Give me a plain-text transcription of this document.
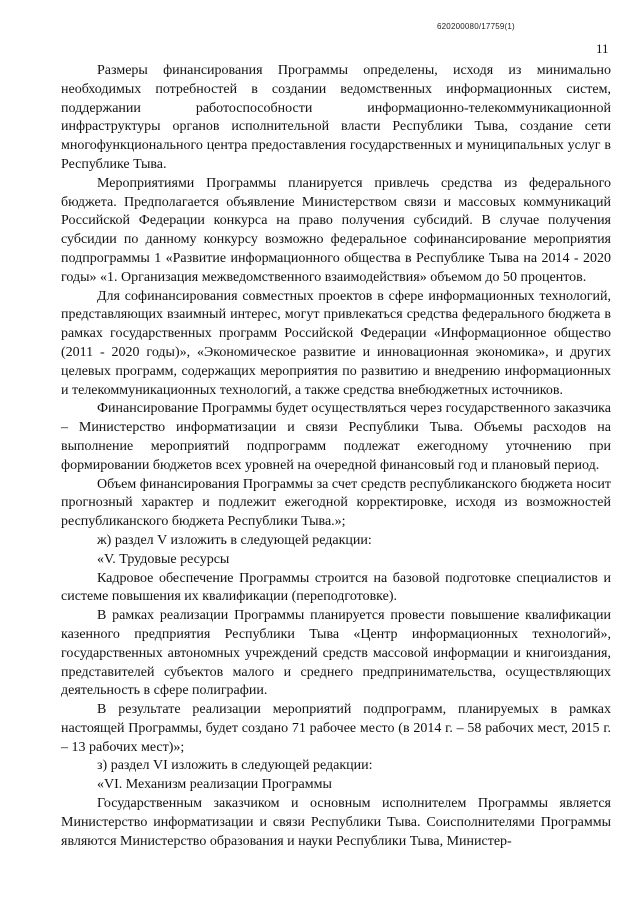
620200080/17759(1)
11

Размеры финансирования Программы определены, исходя из минимально необходимых потребностей в создании ведомственных информационных систем, поддержании работоспособности информационно-телекоммуникационной инфраструктуры органов исполнительной власти Республики Тыва, создание сети многофункционального центра предоставления государственных и муниципальных услуг в Республике Тыва.

Мероприятиями Программы планируется привлечь средства из федерального бюджета. Предполагается объявление Министерством связи и массовых коммуникаций Российской Федерации конкурса на право получения субсидий. В случае получения субсидии по данному конкурсу возможно федеральное софинансирование мероприятия подпрограммы 1 «Развитие информационного общества в Республике Тыва на 2014 - 2020 годы» «1. Организация межведомственного взаимодействия» объемом до 50 процентов.

Для софинансирования совместных проектов в сфере информационных технологий, представляющих взаимный интерес, могут привлекаться средства федерального бюджета в рамках государственных программ Российской Федерации «Информационное общество (2011 - 2020 годы)», «Экономическое развитие и инновационная экономика», и других целевых программ, содержащих мероприятия по развитию и внедрению информационных и телекоммуникационных технологий, а также средства внебюджетных источников.

Финансирование Программы будет осуществляться через государственного заказчика – Министерство информатизации и связи Республики Тыва. Объемы расходов на выполнение мероприятий подпрограмм подлежат ежегодному уточнению при формировании бюджетов всех уровней на очередной финансовый год и плановый период.

Объем финансирования Программы за счет средств республиканского бюджета носит прогнозный характер и подлежит ежегодной корректировке, исходя из возможностей республиканского бюджета Республики Тыва.»;

ж) раздел V изложить в следующей редакции:

«V. Трудовые ресурсы

Кадровое обеспечение Программы строится на базовой подготовке специалистов и системе повышения их квалификации (переподготовке).

В рамках реализации Программы планируется провести повышение квалификации казенного предприятия Республики Тыва «Центр информационных технологий», государственных автономных учреждений средств массовой информации и книгоиздания, представителей субъектов малого и среднего предпринимательства, осуществляющих деятельность в сфере полиграфии.

В результате реализации мероприятий подпрограмм, планируемых в рамках настоящей Программы, будет создано 71 рабочее место (в 2014 г. – 58 рабочих мест, 2015 г. – 13 рабочих мест)»;

з) раздел VI изложить в следующей редакции:

«VI. Механизм реализации Программы

Государственным заказчиком и основным исполнителем Программы является Министерство информатизации и связи Республики Тыва. Соисполнителями Программы являются Министерство образования и науки Республики Тыва, Министер-
